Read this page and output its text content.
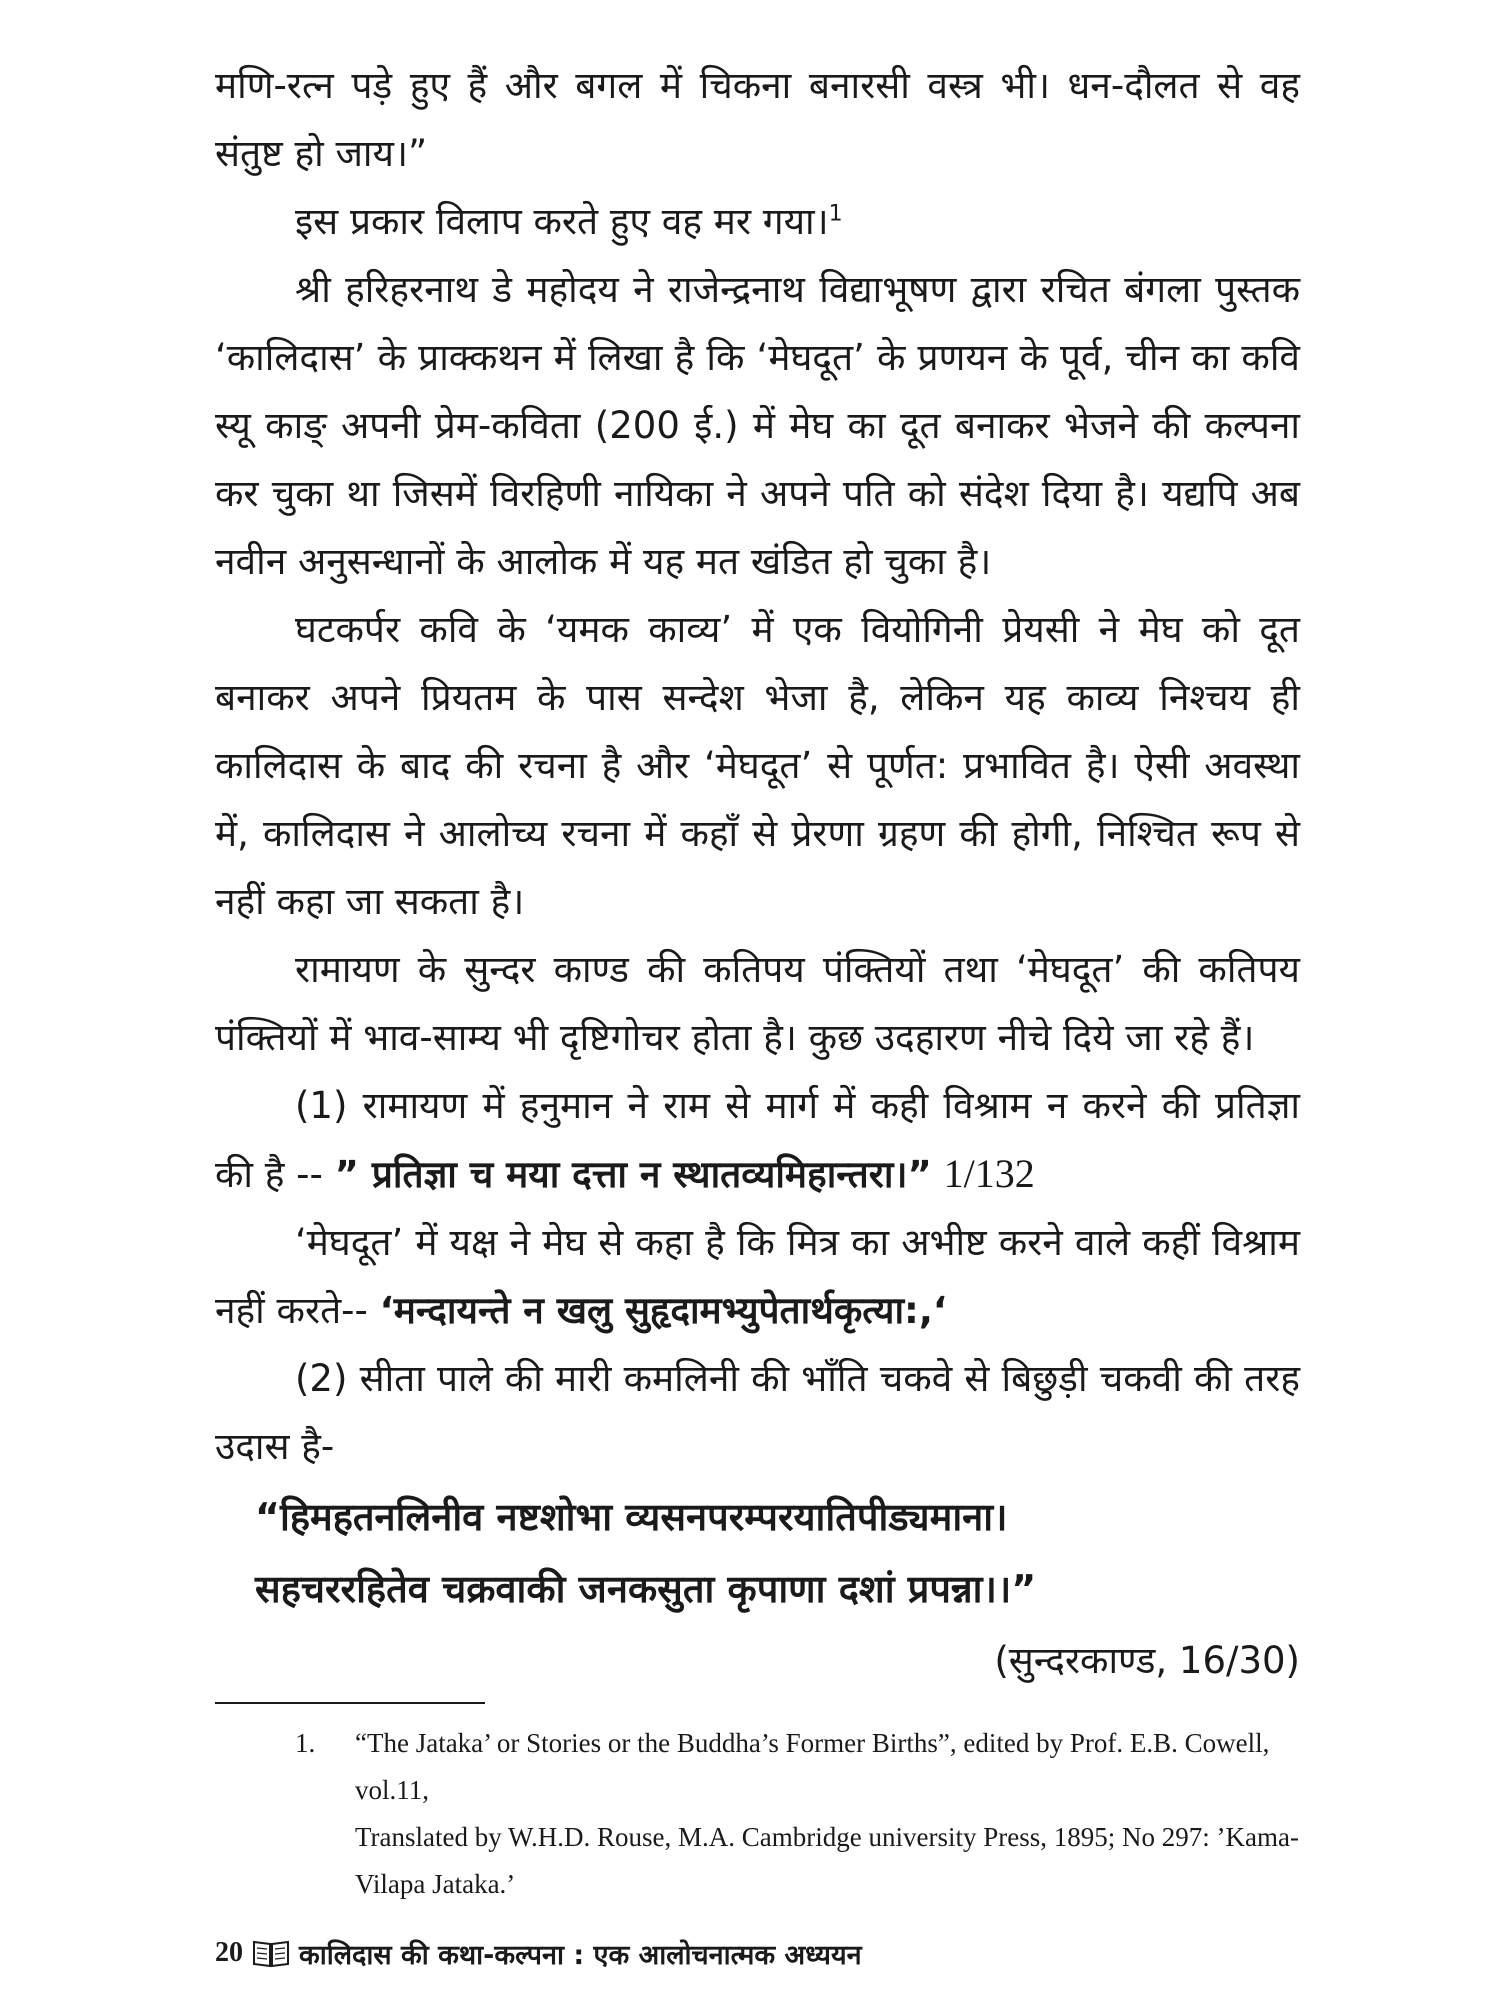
मणि-रत्न पड़े हुए हैं और बगल में चिकना बनारसी वस्त्र भी। धन-दौलत से वह संतुष्ट हो जाय।”

इस प्रकार विलाप करते हुए वह मर गया।$^1$

श्री हरिहरनाथ डे महोदय ने राजेन्द्रनाथ विद्याभूषण द्वारा रचित बंगला पुस्तक ‘कालिदास’ के प्राक्कथन में लिखा है कि ‘मेघदूत’ के प्रणयन के पूर्व, चीन का कवि स्यू काङ् अपनी प्रेम-कविता (200 ई.) में मेघ का दूत बनाकर भेजने की कल्पना कर चुका था जिसमें विरहिणी नायिका ने अपने पति को संदेश दिया है। यद्यपि अब नवीन अनुसन्धानों के आलोक में यह मत खंडित हो चुका है।

घटकर्पर कवि के ‘यमक काव्य’ में एक वियोगिनी प्रेयसी ने मेघ को दूत बनाकर अपने प्रियतम के पास सन्देश भेजा है, लेकिन यह काव्य निश्चय ही कालिदास के बाद की रचना है और ‘मेघदूत’ से पूर्णत: प्रभावित है। ऐसी अवस्था में, कालिदास ने आलोच्य रचना में कहाँ से प्रेरणा ग्रहण की होगी, निश्चित रूप से नहीं कहा जा सकता है।

रामायण के सुन्दर काण्ड की कतिपय पंक्तियों तथा ‘मेघदूत’ की कतिपय पंक्तियों में भाव-साम्य भी दृष्टिगोचर होता है। कुछ उदहारण नीचे दिये जा रहे हैं।

(1) रामायण में हनुमान ने राम से मार्ग में कही विश्राम न करने की प्रतिज्ञा की है -- ” प्रतिज्ञा च मया दत्ता न स्थातव्यमिहान्तरा।” 1/132

‘मेघदूत’ में यक्ष ने मेघ से कहा है कि मित्र का अभीष्ट करने वाले कहीं विश्राम नहीं करते-- ‘मन्दायन्ते न खलु सुहृदामभ्युपेतार्थकृत्या:,‘

(2) सीता पाले की मारी कमलिनी की भाँति चकवे से बिछुड़ी चकवी की तरह उदास है-

“हिमहतनलिनीव नष्टशोभा व्यसनपरम्परयातिपीड्यमाना।

सहचररहितेव चक्रवाकी जनकसुता कृपाणा दशां प्रपन्ना।।”

(सुन्दरकाण्ड, 16/30)

1.	“The Jataka’ or Stories or the Buddha’s Former Births”, edited by Prof. E.B. Cowell, vol.11,
Translated by W.H.D. Rouse, M.A. Cambridge university Press, 1895; No 297: ’Kama-Vilapa Jataka.’
20 कालिदास की कथा-कल्पना : एक आलोचनात्मक अध्ययन
